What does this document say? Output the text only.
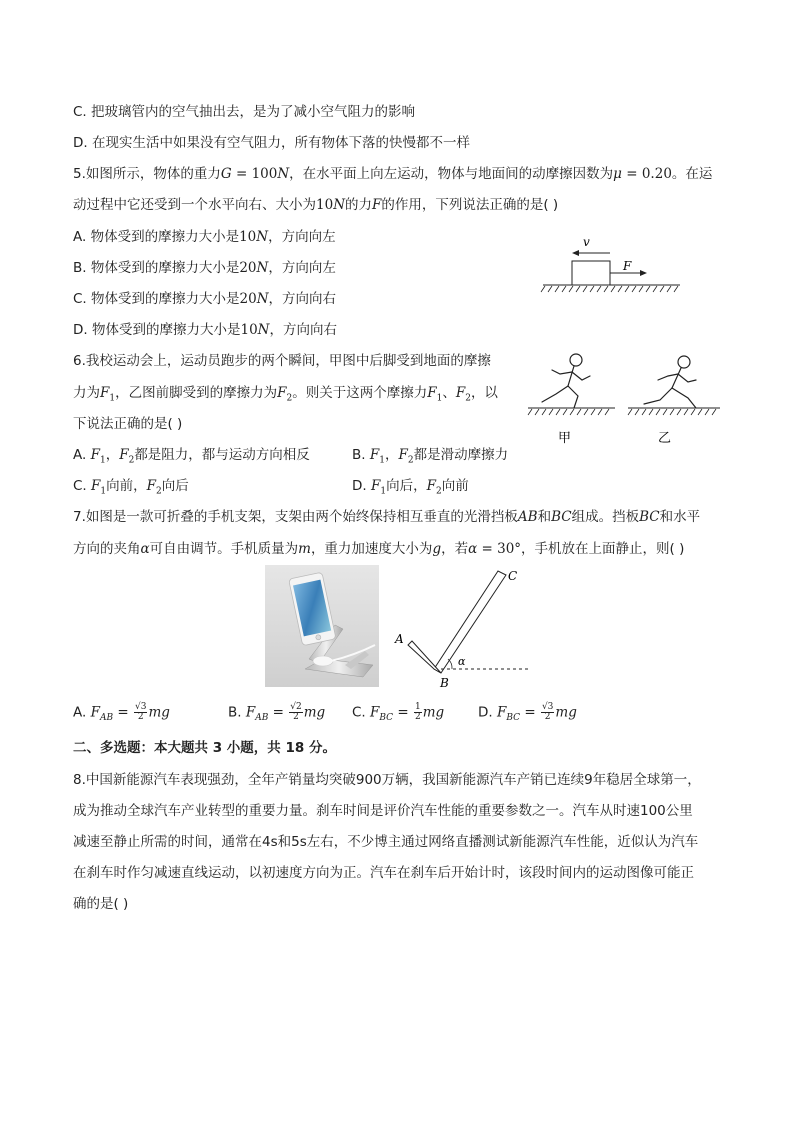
C. 把玻璃管内的空气抽出去，是为了减小空气阻力的影响
D. 在现实生活中如果没有空气阻力，所有物体下落的快慢都不一样
5.如图所示，物体的重力G = 100N，在水平面上向左运动，物体与地面间的动摩擦因数为μ = 0.20。在运
动过程中它还受到一个水平向右、大小为10N的力F的作用，下列说法正确的是( )
A. 物体受到的摩擦力大小是10N，方向向左
B. 物体受到的摩擦力大小是20N，方向向左
C. 物体受到的摩擦力大小是20N，方向向右
D. 物体受到的摩擦力大小是10N，方向向右
v
F
6.我校运动会上，运动员跑步的两个瞬间，甲图中后脚受到地面的摩擦
力为$F_1$，乙图前脚受到的摩擦力为$F_2$。则关于这两个摩擦力$F_1$、$F_2$，以
下说法正确的是( )
A. $F_1$，$F_2$都是阻力，都与运动方向相反	B. $F_1$，$F_2$都是滑动摩擦力
C. $F_1$向前，$F_2$向后	D. $F_1$向后，$F_2$向前
甲	乙
7.如图是一款可折叠的手机支架，支架由两个始终保持相互垂直的光滑挡板AB和BC组成。挡板BC和水平
方向的夹角α可自由调节。手机质量为m，重力加速度大小为g，若α = 30°，手机放在上面静止，则( )
A
B
C
α
A. $F_{AB} = \frac{√3}{2}$ mg	B. $F_{AB} = \frac{√2}{2}$ mg C. $F_{BC} = \frac{1}{2}$ mg	D. $F_{BC} = \frac{√3}{2}$ mg
二、多选题：本大题共 3 小题，共 18 分。
8.中国新能源汽车表现强劲，全年产销量均突破900万辆，我国新能源汽车产销已连续9年稳居全球第一，
成为推动全球汽车产业转型的重要力量。刹车时间是评价汽车性能的重要参数之一。汽车从时速100公里
减速至静止所需的时间，通常在4s和5s左右，不少博主通过网络直播测试新能源汽车性能，近似认为汽车
在刹车时作匀减速直线运动，以初速度方向为正。汽车在刹车后开始计时，该段时间内的运动图像可能正
确的是( )
